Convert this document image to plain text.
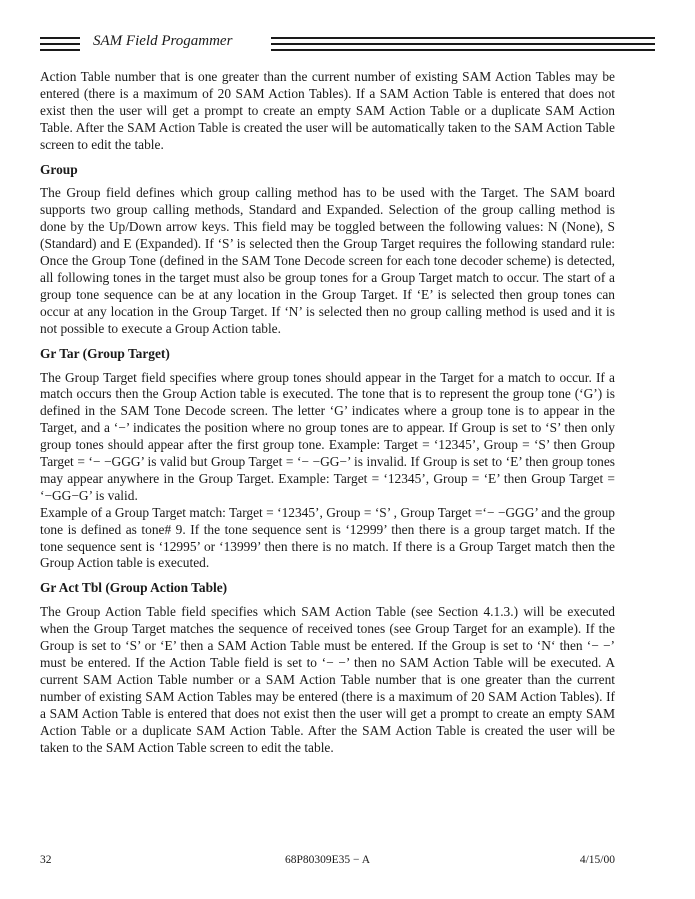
SAM Field Progammer

Action Table number that is one greater than the current number of existing SAM Action Tables may be entered (there is a maximum of 20 SAM Action Tables). If a SAM Action Table is entered that does not exist then the user will get a prompt to create an empty SAM Action Table or a duplicate SAM Action Table. After the SAM Action Table is created the user will be automatically taken to the SAM Action Table screen to edit the table.

Group

The Group field defines which group calling method has to be used with the Target. The SAM board supports two group calling methods, Standard and Expanded. Selection of the group calling method is done by the Up/Down arrow keys. This field may be toggled between the following values: N (None), S (Standard) and E (Expanded). If ‘S’ is selected then the Group Target requires the following standard rule: Once the Group Tone (defined in the SAM Tone Decode screen for each tone decoder scheme) is detected, all following tones in the target must also be group tones for a Group Target match to occur. The start of a group tone sequence can be at any location in the Group Target. If ‘E’ is selected then group tones can occur at any location in the Group Target. If ‘N’ is selected then no group calling method is used and it is not possible to execute a Group Action table.

Gr Tar (Group Target)

The Group Target field specifies where group tones should appear in the Target for a match to occur. If a match occurs then the Group Action table is executed. The tone that is to represent the group tone (‘G’) is defined in the SAM Tone Decode screen. The letter ‘G’ indicates where a group tone is to appear in the Target, and a ‘−’ indicates the position where no group tones are to appear. If Group is set to ‘S’ then only group tones should appear after the first group tone. Example: Target = ‘12345’, Group = ‘S’ then Group Target = ‘− −GGG’ is valid but Group Target = ‘− −GG−’ is invalid. If Group is set to ‘E’ then group tones may appear anywhere in the Group Target. Example: Target = ‘12345’, Group = ‘E’ then Group Target = ‘−GG−G’ is valid.

Example of a Group Target match: Target = ‘12345’, Group = ‘S’ , Group Target =‘− −GGG’ and the group tone is defined as tone# 9. If the tone sequence sent is ‘12999’ then there is a group target match. If the tone sequence sent is ‘12995’ or ‘13999’ then there is no match. If there is a Group Target match then the Group Action table is executed.

Gr Act Tbl (Group Action Table)

The Group Action Table field specifies which SAM Action Table (see Section 4.1.3.) will be executed when the Group Target matches the sequence of received tones (see Group Target for an example). If the Group is set to ‘S’ or ‘E’ then a SAM Action Table must be entered. If the Group is set to ‘N‘ then ‘− −’ must be entered. If the Action Table field is set to ‘− −’ then no SAM Action Table will be executed. A current SAM Action Table number or a SAM Action Table number that is one greater than the current number of existing SAM Action Tables may be entered (there is a maximum of 20 SAM Action Tables). If a SAM Action Table is entered that does not exist then the user will get a prompt to create an empty SAM Action Table or a duplicate SAM Action Table. After the SAM Action Table is created the user will be taken to the SAM Action Table screen to edit the table.

32	68P80309E35 − A	4/15/00
